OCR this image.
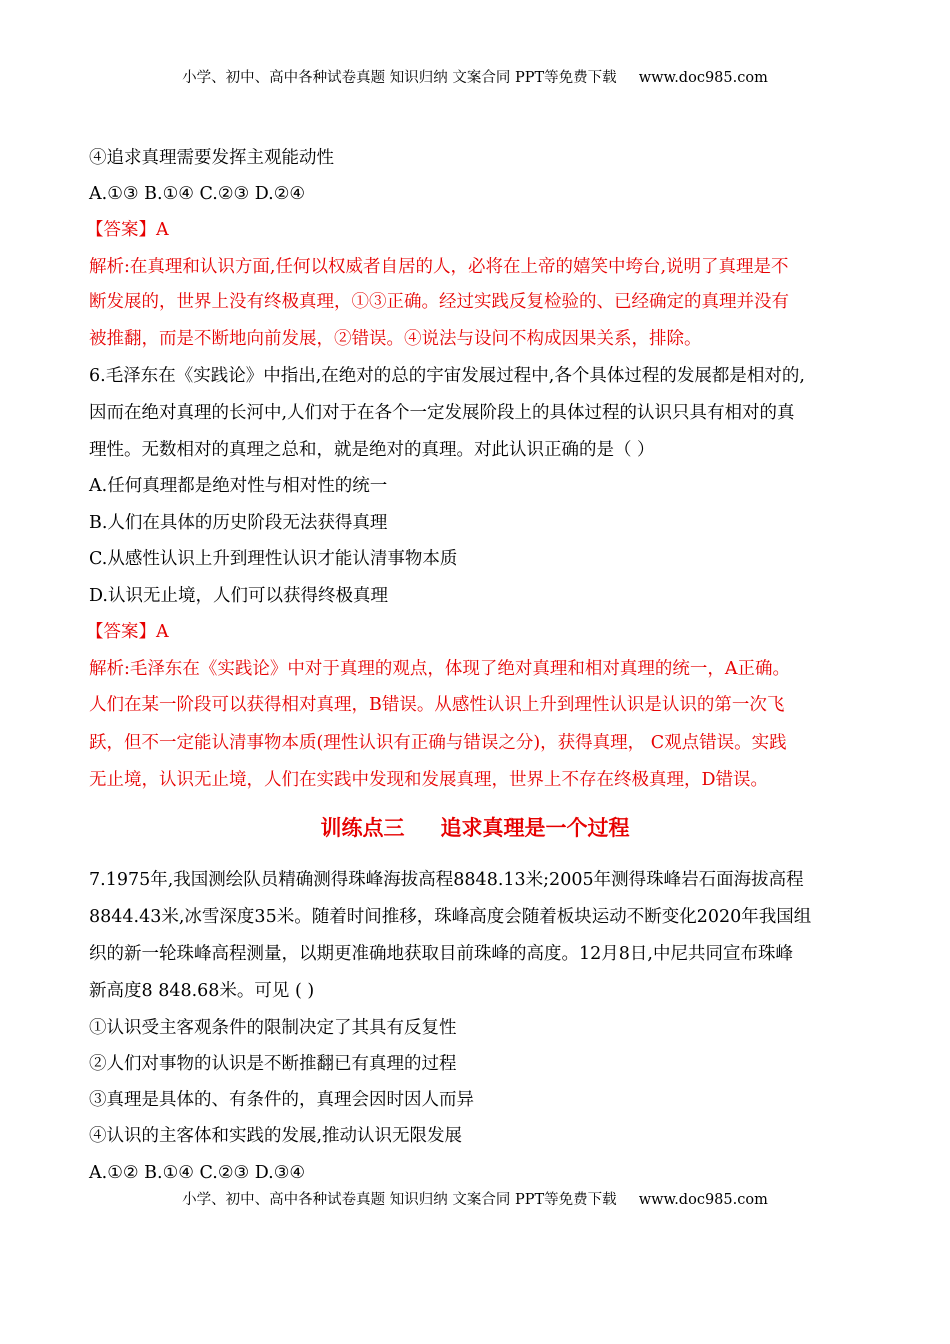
小学、初中、高中各种试卷真题 知识归纳 文案合同 PPT等免费下载 www.doc985.com
④追求真理需要发挥主观能动性
A.①③ B.①④ C.②③ D.②④
【答案】A
解析:在真理和认识方面,任何以权威者自居的人，必将在上帝的嬉笑中垮台,说明了真理是不
断发展的，世界上没有终极真理，①③正确。经过实践反复检验的、已经确定的真理并没有
被推翻，而是不断地向前发展，②错误。④说法与设问不构成因果关系，排除。
6.毛泽东在《实践论》中指出,在绝对的总的宇宙发展过程中,各个具体过程的发展都是相对的,
因而在绝对真理的长河中,人们对于在各个一定发展阶段上的具体过程的认识只具有相对的真
理性。无数相对的真理之总和，就是绝对的真理。对此认识正确的是（ ）
A.任何真理都是绝对性与相对性的统一
B.人们在具体的历史阶段无法获得真理
C.从感性认识上升到理性认识才能认清事物本质
D.认识无止境，人们可以获得终极真理
【答案】A
解析:毛泽东在《实践论》中对于真理的观点，体现了绝对真理和相对真理的统一，A正确。
人们在某一阶段可以获得相对真理，B错误。从感性认识上升到理性认识是认识的第一次飞
跃，但不一定能认清事物本质(理性认识有正确与错误之分)，获得真理， C观点错误。实践
无止境，认识无止境，人们在实践中发现和发展真理，世界上不存在终极真理，D错误。
训练点三 追求真理是一个过程
7.1975年,我国测绘队员精确测得珠峰海拔高程8848.13米;2005年测得珠峰岩石面海拔高程
8844.43米,冰雪深度35米。随着时间推移，珠峰高度会随着板块运动不断变化2020年我国组
织的新一轮珠峰高程测量，以期更准确地获取目前珠峰的高度。12月8日,中尼共同宣布珠峰
新高度8 848.68米。可见 ( )
①认识受主客观条件的限制决定了其具有反复性
②人们对事物的认识是不断推翻已有真理的过程
③真理是具体的、有条件的，真理会因时因人而异
④认识的主客体和实践的发展,推动认识无限发展
A.①② B.①④ C.②③ D.③④
小学、初中、高中各种试卷真题 知识归纳 文案合同 PPT等免费下载 www.doc985.com
